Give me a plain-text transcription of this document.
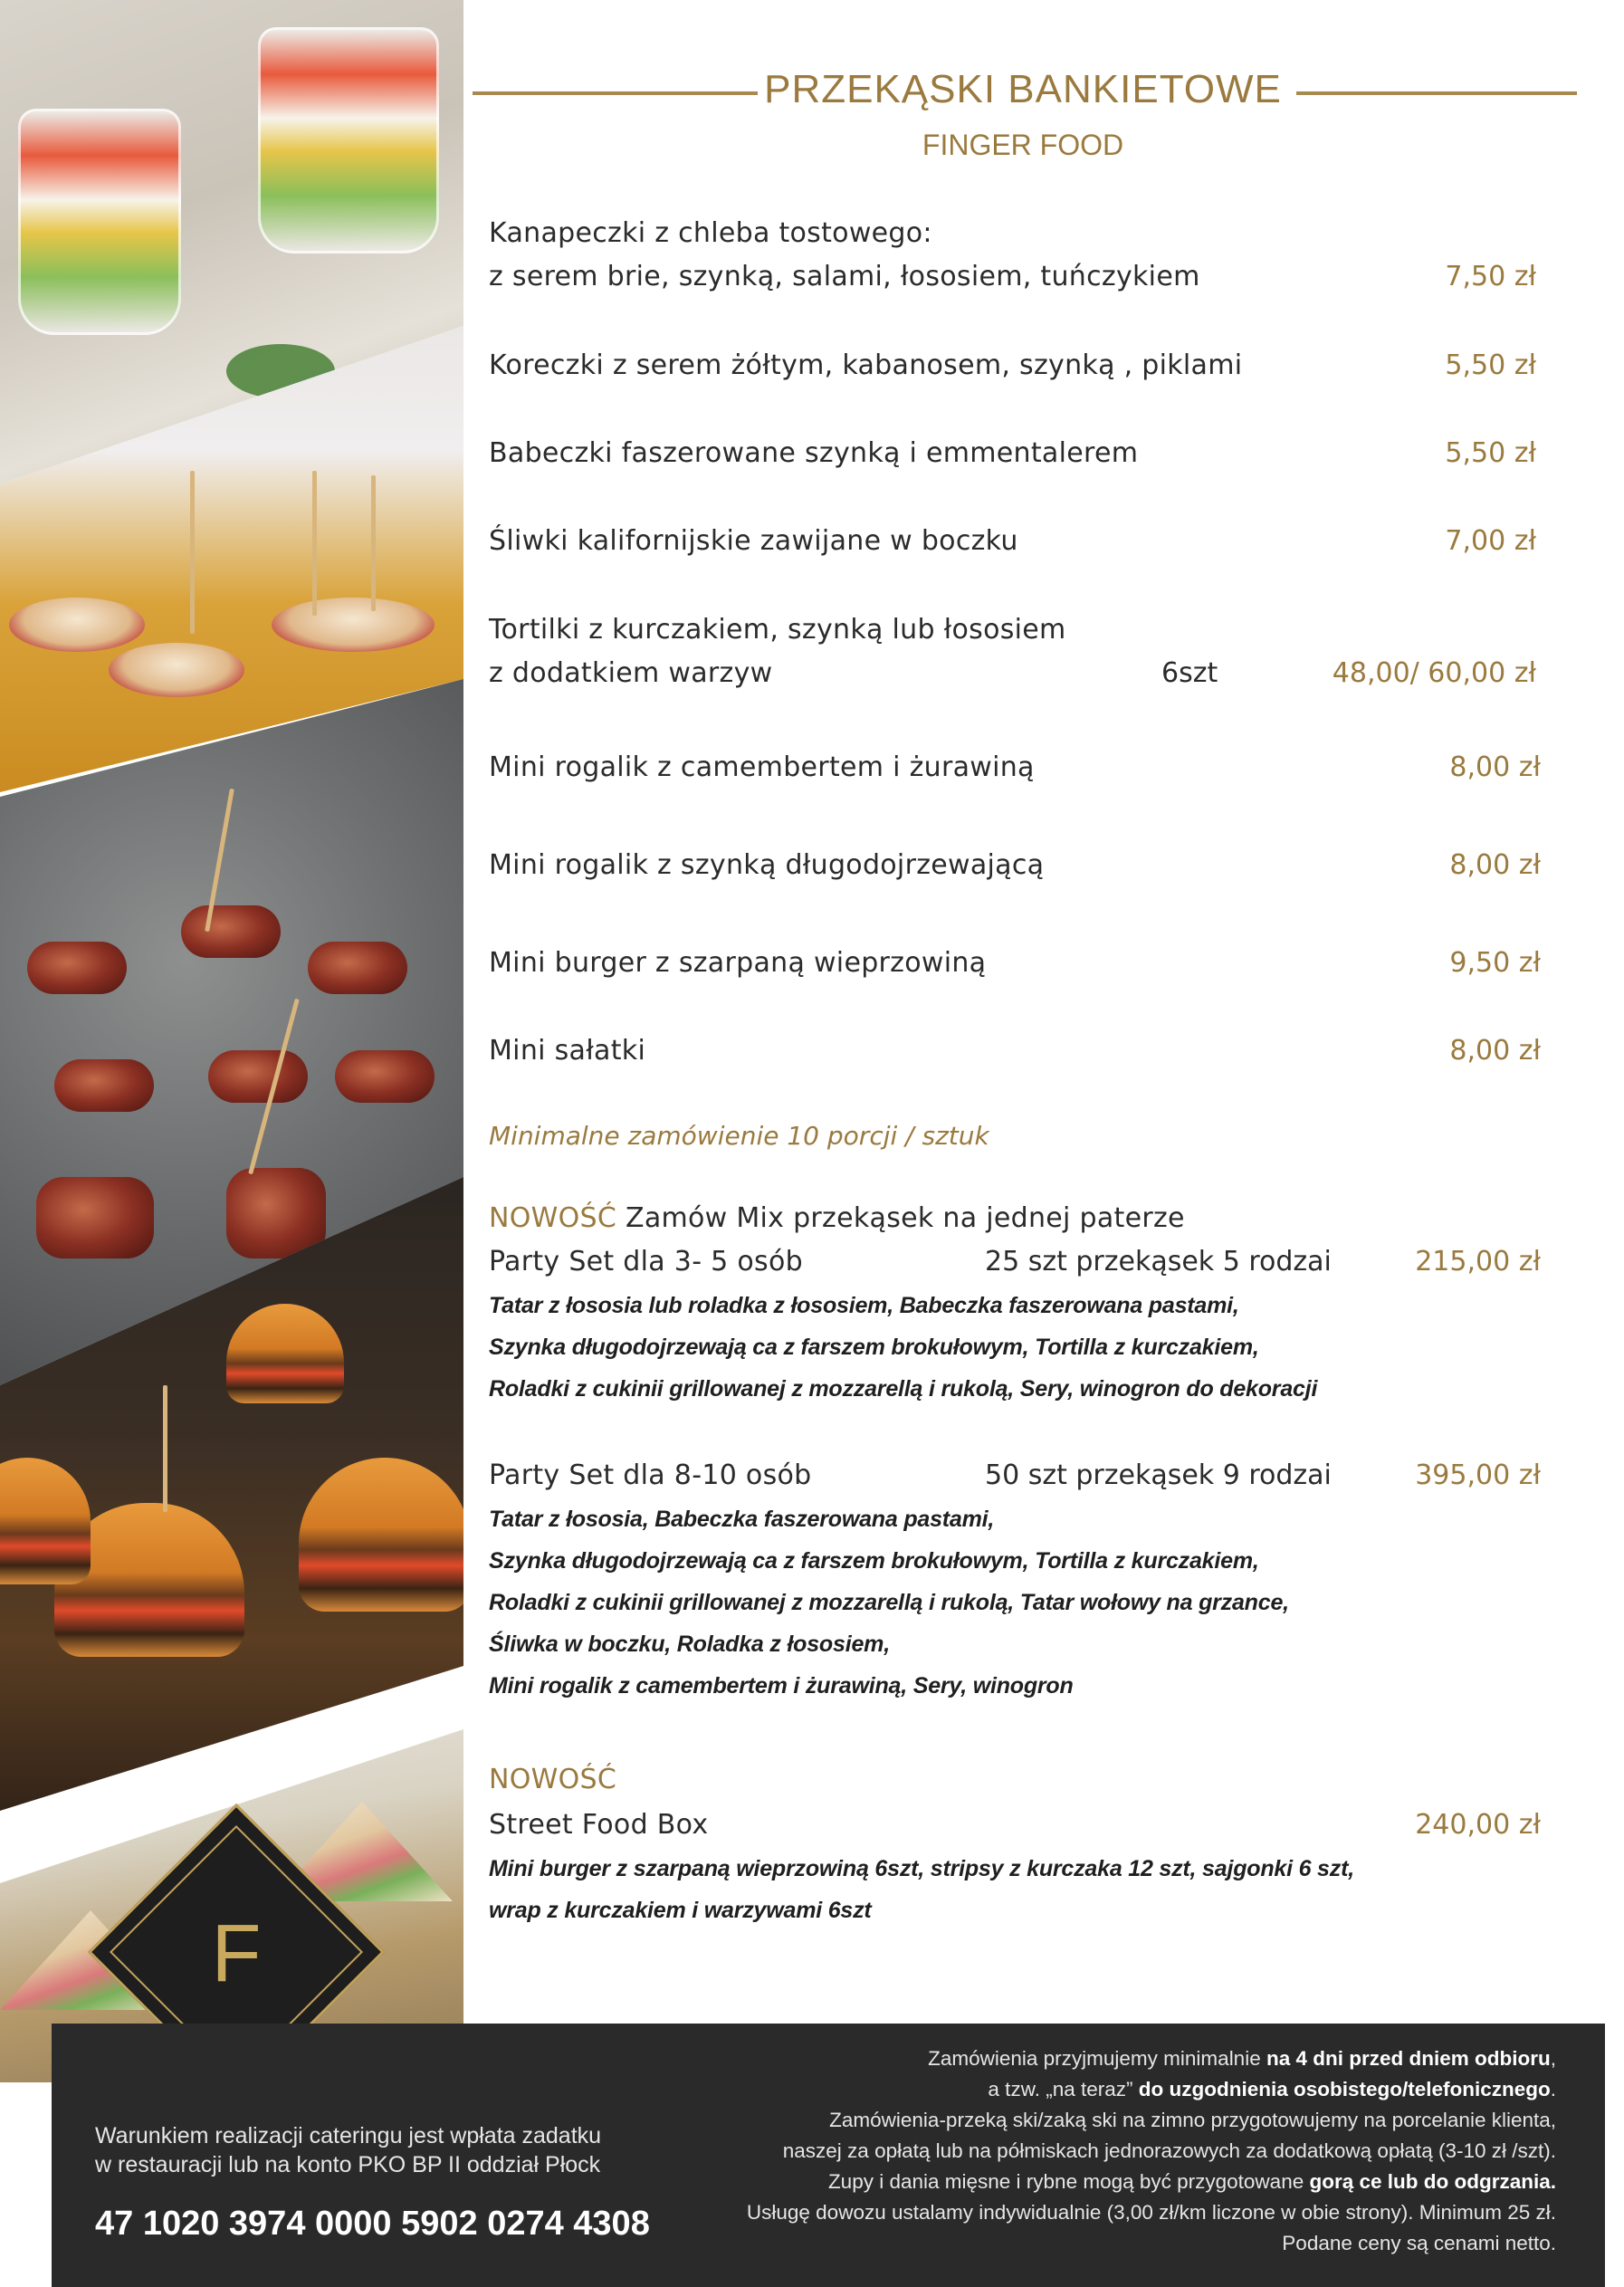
F
PRZEKĄSKI BANKIETOWE
FINGER FOOD
Kanapeczki z chleba tostowego:
z serem brie, szynką, salami, łososiem, tuńczykiem	7,50 zł
Koreczki z serem żółtym, kabanosem, szynką , piklami	5,50 zł
Babeczki faszerowane szynką i emmentalerem	5,50 zł
Śliwki kalifornijskie zawijane w boczku	7,00 zł
Tortilki z kurczakiem, szynką lub łososiem
z dodatkiem warzyw	6szt	48,00/ 60,00 zł
Mini rogalik z camembertem i żurawiną	8,00 zł
Mini rogalik z szynką długodojrzewającą	8,00 zł
Mini burger z szarpaną wieprzowiną	9,50 zł
Mini sałatki	8,00 zł
Minimalne zamówienie 10 porcji / sztuk
NOWOŚĆ Zamów Mix przekąsek na jednej paterze
Party Set dla 3- 5 osób	25 szt przekąsek 5 rodzai	215,00 zł
Tatar z łososia lub roladka z łososiem, Babeczka faszerowana pastami,
Szynka długodojrzewają ca z farszem brokułowym, Tortilla z kurczakiem,
Roladki z cukinii grillowanej z mozzarellą i rukolą, Sery, winogron do dekoracji
Party Set dla 8-10 osób	50 szt przekąsek 9 rodzai	395,00 zł
Tatar z łososia, Babeczka faszerowana pastami,
Szynka długodojrzewają ca z farszem brokułowym, Tortilla z kurczakiem,
Roladki z cukinii grillowanej z mozzarellą i rukolą, Tatar wołowy na grzance,
Śliwka w boczku, Roladka z łososiem,
Mini rogalik z camembertem i żurawiną, Sery, winogron
NOWOŚĆ
Street Food Box	240,00 zł
Mini burger z szarpaną wieprzowiną 6szt, stripsy z kurczaka 12 szt, sajgonki 6 szt,
wrap z kurczakiem i warzywami 6szt
Warunkiem realizacji cateringu jest wpłata zadatku
w restauracji lub na konto PKO BP II oddział Płock
47 1020 3974 0000 5902 0274 4308
Zamówienia przyjmujemy minimalnie na 4 dni przed dniem odbioru,
a tzw. „na teraz” do uzgodnienia osobistego/telefonicznego.
Zamówienia-przeką ski/zaką ski na zimno przygotowujemy na porcelanie klienta,
naszej za opłatą lub na półmiskach jednorazowych za dodatkową opłatą (3-10 zł /szt).
Zupy i dania mięsne i rybne mogą być przygotowane gorą ce lub do odgrzania.
Usługę dowozu ustalamy indywidualnie (3,00 zł/km liczone w obie strony). Minimum 25 zł.
Podane ceny są cenami netto.
